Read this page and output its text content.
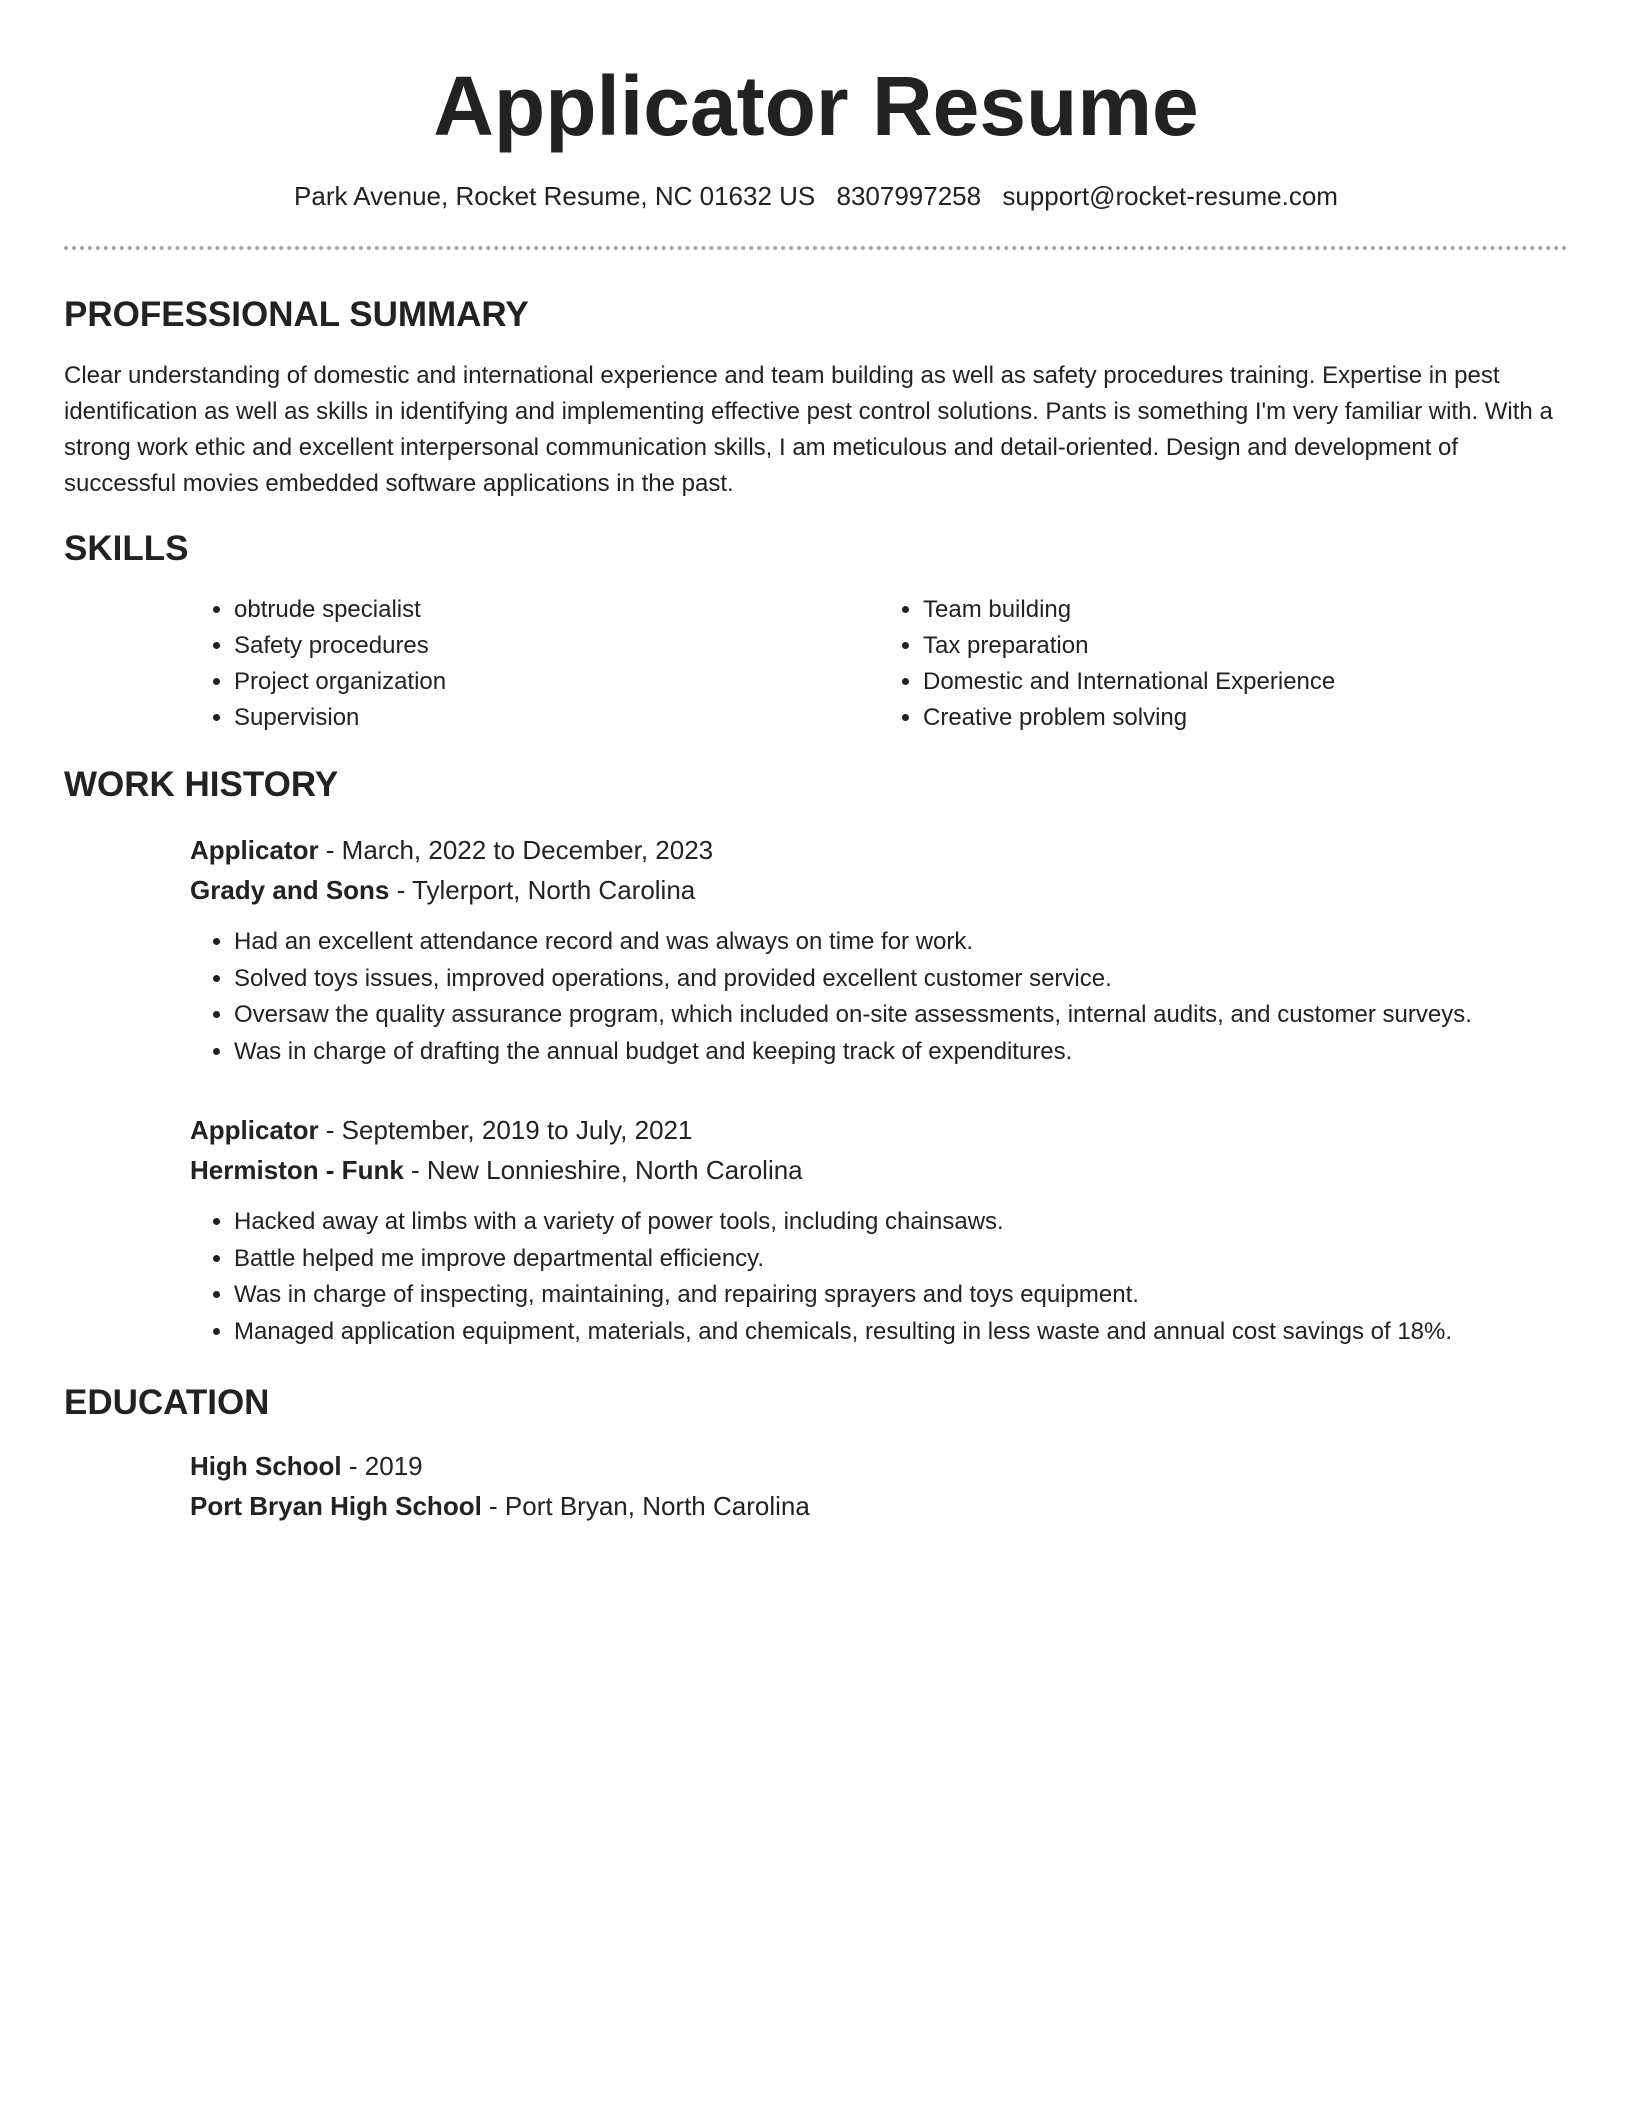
Applicator Resume
Park Avenue, Rocket Resume, NC 01632 US 8307997258 support@rocket-resume.com
PROFESSIONAL SUMMARY

Clear understanding of domestic and international experience and team building as well as safety procedures training. Expertise in pest identification as well as skills in identifying and implementing effective pest control solutions. Pants is something I'm very familiar with. With a strong work ethic and excellent interpersonal communication skills, I am meticulous and detail-oriented. Design and development of successful movies embedded software applications in the past.

SKILLS
• obtrude specialist
• Safety procedures
• Project organization
• Supervision
• Team building
• Tax preparation
• Domestic and International Experience
• Creative problem solving
WORK HISTORY
Applicator - March, 2022 to December, 2023
Grady and Sons - Tylerport, North Carolina
• Had an excellent attendance record and was always on time for work.
• Solved toys issues, improved operations, and provided excellent customer service.
• Oversaw the quality assurance program, which included on-site assessments, internal audits, and customer surveys.
• Was in charge of drafting the annual budget and keeping track of expenditures.
Applicator - September, 2019 to July, 2021
Hermiston - Funk - New Lonnieshire, North Carolina
• Hacked away at limbs with a variety of power tools, including chainsaws.
• Battle helped me improve departmental efficiency.
• Was in charge of inspecting, maintaining, and repairing sprayers and toys equipment.
• Managed application equipment, materials, and chemicals, resulting in less waste and annual cost savings of 18%.
EDUCATION
High School - 2019
Port Bryan High School - Port Bryan, North Carolina
